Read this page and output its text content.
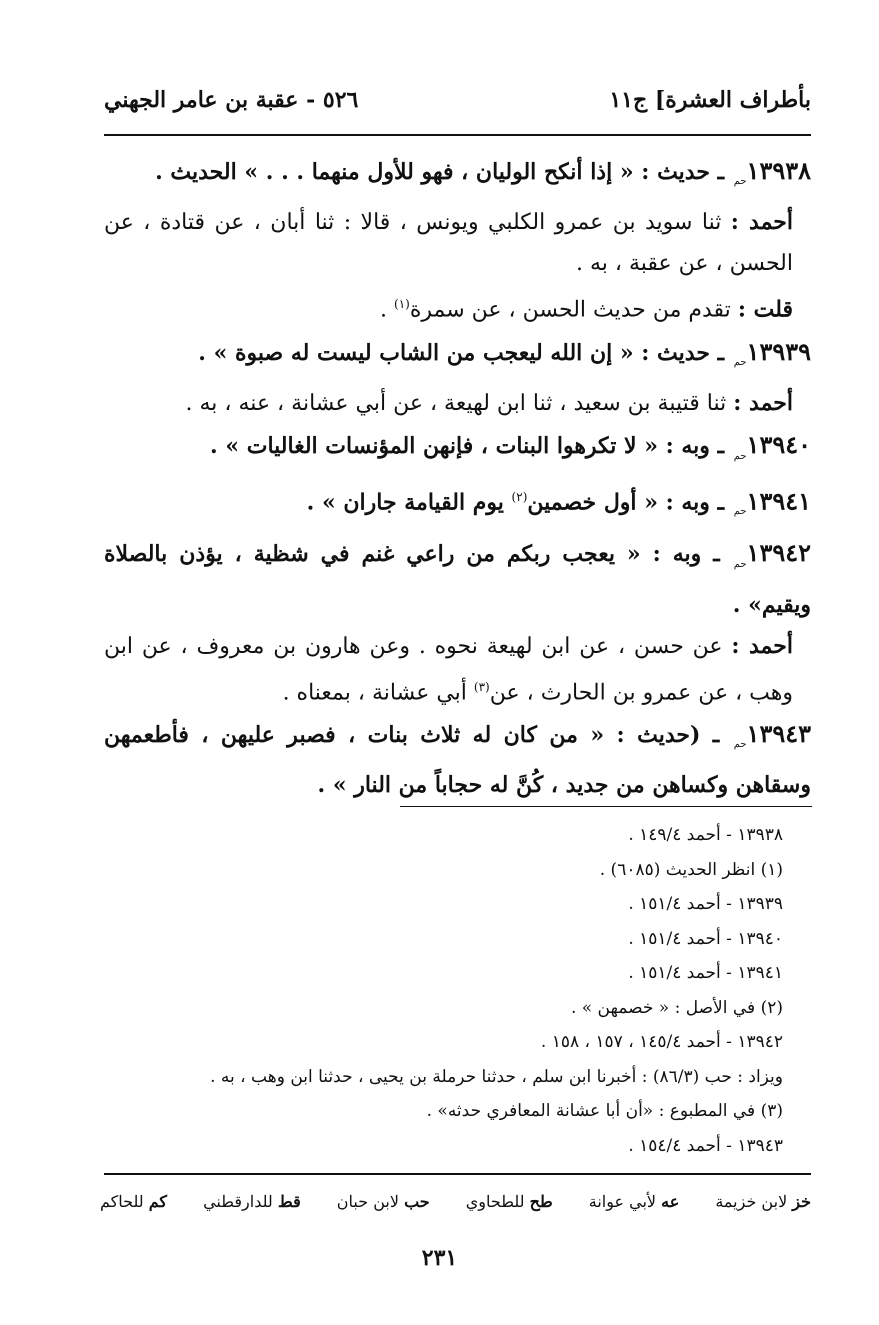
بأطراف العشرة] ج١١
٥٢٦ - عقبة بن عامر الجهني

$١٣٩٣٨_{حم}$ ـ حديث : « إذا أنكح الوليان ، فهو للأول منهما . . . » الحديث .

أحمد : ثنا سويد بن عمرو الكلبي ويونس ، قالا : ثنا أبان ، عن قتادة ، عن الحسن ، عن عقبة ، به .

قلت : تقدم من حديث الحسن ، عن سمرة$^{(١)}$ .

$١٣٩٣٩_{حم}$ ـ حديث : « إن الله ليعجب من الشاب ليست له صبوة » .

أحمد : ثنا قتيبة بن سعيد ، ثنا ابن لهيعة ، عن أبي عشانة ، عنه ، به .

$١٣٩٤٠_{حم}$ ـ وبه : « لا تكرهوا البنات ، فإنهن المؤنسات الغاليات » .

$١٣٩٤١_{حم}$ ـ وبه : « أول خصمين$^{(٢)}$ يوم القيامة جاران » .

$١٣٩٤٢_{حم}$ ـ وبه : « يعجب ربكم من راعي غنم في شظية ، يؤذن بالصلاة ويقيم» .

أحمد : عن حسن ، عن ابن لهيعة نحوه . وعن هارون بن معروف ، عن ابن وهب ، عن عمرو بن الحارث ، عن$^{(٣)}$ أبي عشانة ، بمعناه .

$١٣٩٤٣_{حم}$ ـ (حديث : « من كان له ثلاث بنات ، فصبر عليهن ، فأطعمهن وسقاهن وكساهن من جديد ، كُنَّ له حجاباً من النار » .

١٣٩٣٨ - أحمد ١٤٩/٤ .

(١) انظر الحديث (٦٠٨٥) .

١٣٩٣٩ - أحمد ١٥١/٤ .

١٣٩٤٠ - أحمد ١٥١/٤ .

١٣٩٤١ - أحمد ١٥١/٤ .

(٢) في الأصل : « خصمهن » .

١٣٩٤٢ - أحمد ١٤٥/٤ ، ١٥٧ ، ١٥٨ .

ويزاد : حب (٨٦/٣) : أخبرنا ابن سلم ، حدثنا حرملة بن يحيى ، حدثنا ابن وهب ، به .

(٣) في المطبوع : «أن أبا عشانة المعافري حدثه» .

١٣٩٤٣ - أحمد ١٥٤/٤ .

خز لابن خزيمة
عه لأبي عوانة
طح للطحاوي
حب لابن حبان
قط للدارقطني
كم للحاكم
٢٣١
